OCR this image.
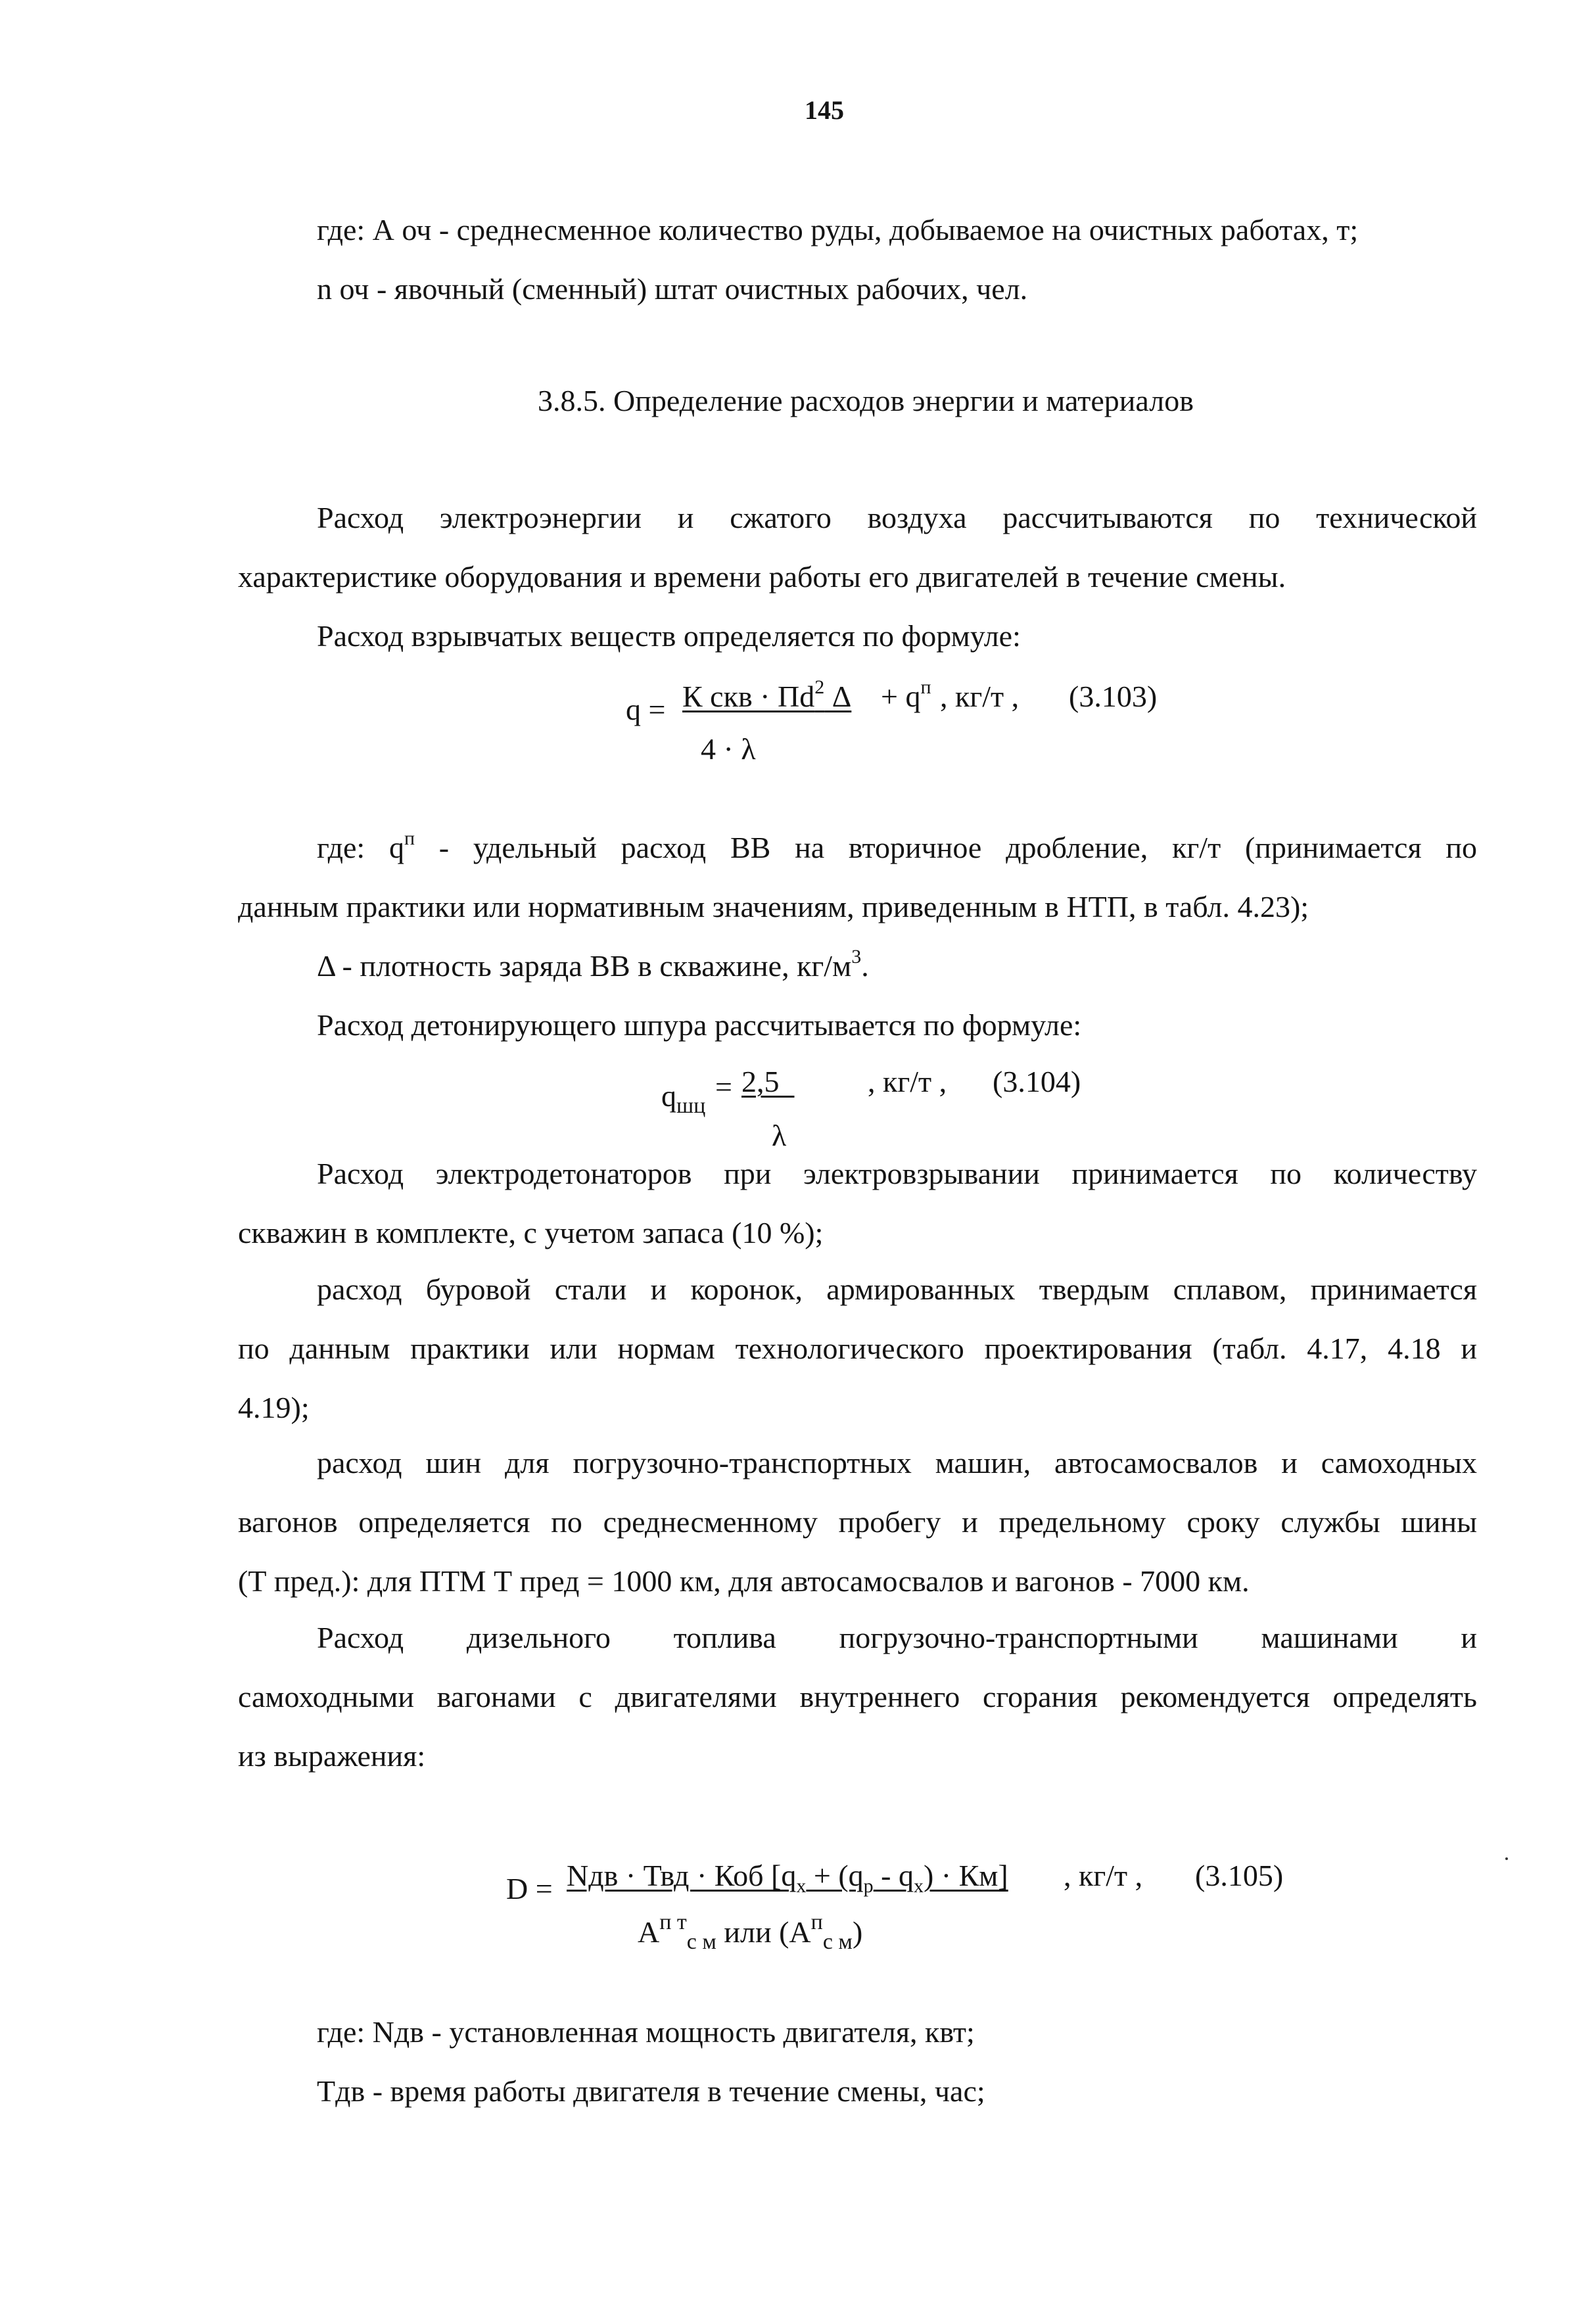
145
где: А оч - среднесменное количество руды, добываемое на очистных работах, т;
n оч - явочный (сменный) штат очистных рабочих, чел.
3.8.5. Определение расходов энергии и материалов
Расход электроэнергии и сжатого воздуха рассчитываются по технической
характеристике оборудования и времени работы его двигателей в течение смены.
Расход взрывчатых веществ определяется по формуле:
q = К скв · $\Pi d^2$ $\Delta + q^п$ , кг/т , (3.103)
4 · λ
где: $q^п$ - удельный расход ВВ на вторичное дробление, кг/т (принимается по
данным практики или нормативным значениям, приведенным в НТП, в табл. 4.23);
Δ - плотность заряда ВВ в скважине, $кг/м^3$.
Расход детонирующего шпура рассчитывается по формуле:
$q_{шц}$
= 2,5 	, кг/т , (3.104)
λ
Расход электродетонаторов при электровзрывании принимается по количеству
скважин в комплекте, с учетом запаса (10 %);
расход буровой стали и коронок, армированных твердым сплавом, принимается
по данным практики или нормам технологического проектирования (табл. 4.17, 4.18 и
4.19);
расход шин для погрузочно-транспортных машин, автосамосвалов и самоходных
вагонов определяется по среднесменному пробегу и предельному сроку службы шины
(Т пред.): для ПТМ Т пред = 1000 км, для автосамосвалов и вагонов - 7000 км.
Расход дизельного топлива погрузочно-транспортными машинами и
самоходными вагонами с двигателями внутреннего сгорания рекомендуется определять
из выражения:
D = Nдв · Твд · Коб $[q_x + (q_p - q_x) \cdot Км]$ , кг/т , (3.105)
$А^{п т}_{с м}$ или $(А^п_{с м})$
где: Nдв - установленная мощность двигателя, квт;
Тдв - время работы двигателя в течение смены, час;
